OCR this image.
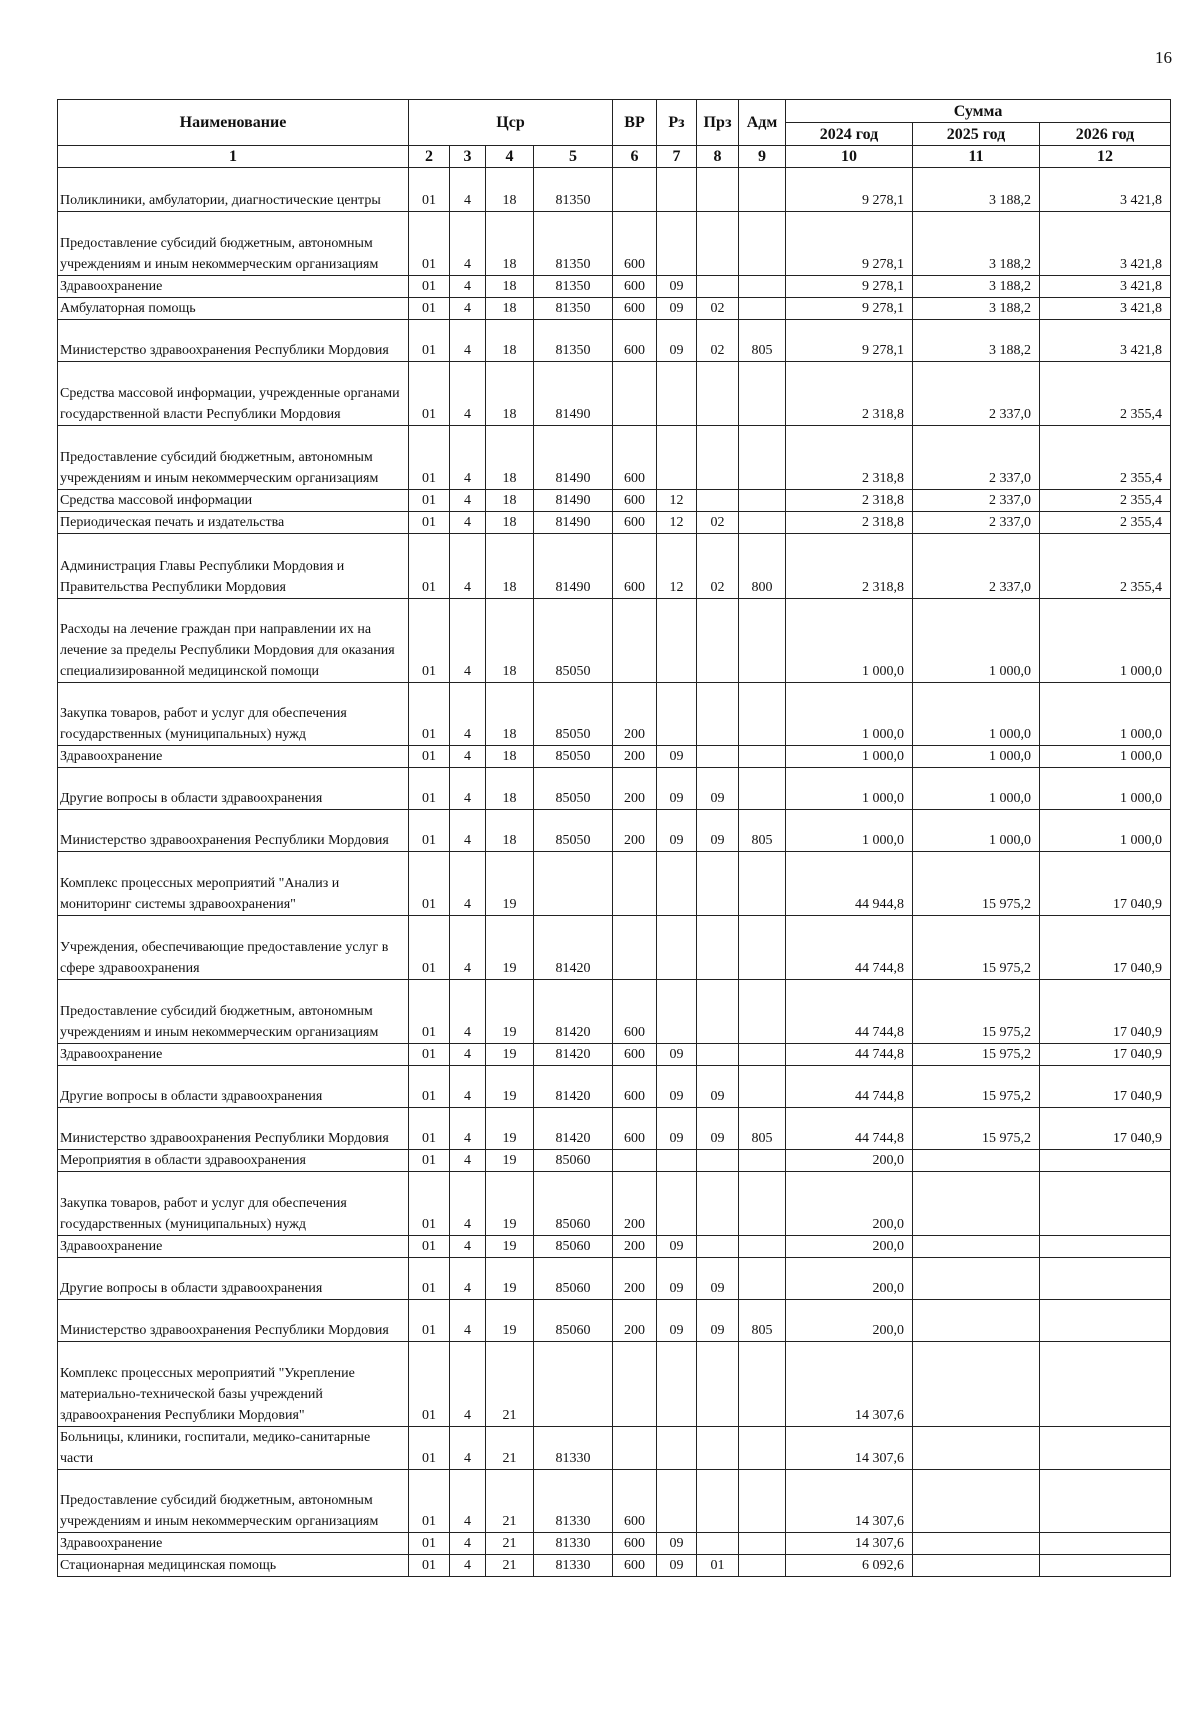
16
Наименование	Цср				ВР	Рз	Прз	Адм	Сумма		
									2024 год	2025 год	2026 год
1	2	3	4	5	6	7	8	9	10	11	12
Поликлиники, амбулатории, диагностические центры	01	4	18	81350					9 278,1	3 188,2	3 421,8
Предоставление субсидий бюджетным, автономным учреждениям и иным некоммерческим организациям	01	4	18	81350	600				9 278,1	3 188,2	3 421,8
Здравоохранение	01	4	18	81350	600	09			9 278,1	3 188,2	3 421,8
Амбулаторная помощь	01	4	18	81350	600	09	02		9 278,1	3 188,2	3 421,8
Министерство здравоохранения Республики Мордовия	01	4	18	81350	600	09	02	805	9 278,1	3 188,2	3 421,8
Средства массовой информации, учрежденные органами государственной власти Республики Мордовия	01	4	18	81490					2 318,8	2 337,0	2 355,4
Предоставление субсидий бюджетным, автономным учреждениям и иным некоммерческим организациям	01	4	18	81490	600				2 318,8	2 337,0	2 355,4
Средства массовой информации	01	4	18	81490	600	12			2 318,8	2 337,0	2 355,4
Периодическая печать и издательства	01	4	18	81490	600	12	02		2 318,8	2 337,0	2 355,4
Администрация Главы Республики Мордовия и Правительства Республики Мордовия	01	4	18	81490	600	12	02	800	2 318,8	2 337,0	2 355,4
Расходы на лечение граждан при направлении их на лечение за пределы Республики Мордовия для оказания специализированной медицинской помощи	01	4	18	85050					1 000,0	1 000,0	1 000,0
Закупка товаров, работ и услуг для обеспечения государственных (муниципальных) нужд	01	4	18	85050	200				1 000,0	1 000,0	1 000,0
Здравоохранение	01	4	18	85050	200	09			1 000,0	1 000,0	1 000,0
Другие вопросы в области здравоохранения	01	4	18	85050	200	09	09		1 000,0	1 000,0	1 000,0
Министерство здравоохранения Республики Мордовия	01	4	18	85050	200	09	09	805	1 000,0	1 000,0	1 000,0
Комплекс процессных мероприятий "Анализ и мониторинг системы здравоохранения"	01	4	19						44 944,8	15 975,2	17 040,9
Учреждения, обеспечивающие предоставление услуг в сфере здравоохранения	01	4	19	81420					44 744,8	15 975,2	17 040,9
Предоставление субсидий бюджетным, автономным учреждениям и иным некоммерческим организациям	01	4	19	81420	600				44 744,8	15 975,2	17 040,9
Здравоохранение	01	4	19	81420	600	09			44 744,8	15 975,2	17 040,9
Другие вопросы в области здравоохранения	01	4	19	81420	600	09	09		44 744,8	15 975,2	17 040,9
Министерство здравоохранения Республики Мордовия	01	4	19	81420	600	09	09	805	44 744,8	15 975,2	17 040,9
Мероприятия в области здравоохранения	01	4	19	85060					200,0		
Закупка товаров, работ и услуг для обеспечения государственных (муниципальных) нужд	01	4	19	85060	200				200,0		
Здравоохранение	01	4	19	85060	200	09			200,0		
Другие вопросы в области здравоохранения	01	4	19	85060	200	09	09		200,0		
Министерство здравоохранения Республики Мордовия	01	4	19	85060	200	09	09	805	200,0		
Комплекс процессных мероприятий "Укрепление материально-технической базы учреждений здравоохранения Республики Мордовия"	01	4	21						14 307,6		
Больницы, клиники, госпитали, медико-санитарные части	01	4	21	81330					14 307,6		
Предоставление субсидий бюджетным, автономным учреждениям и иным некоммерческим организациям	01	4	21	81330	600				14 307,6		
Здравоохранение	01	4	21	81330	600	09			14 307,6		
Стационарная медицинская помощь	01	4	21	81330	600	09	01		6 092,6		
